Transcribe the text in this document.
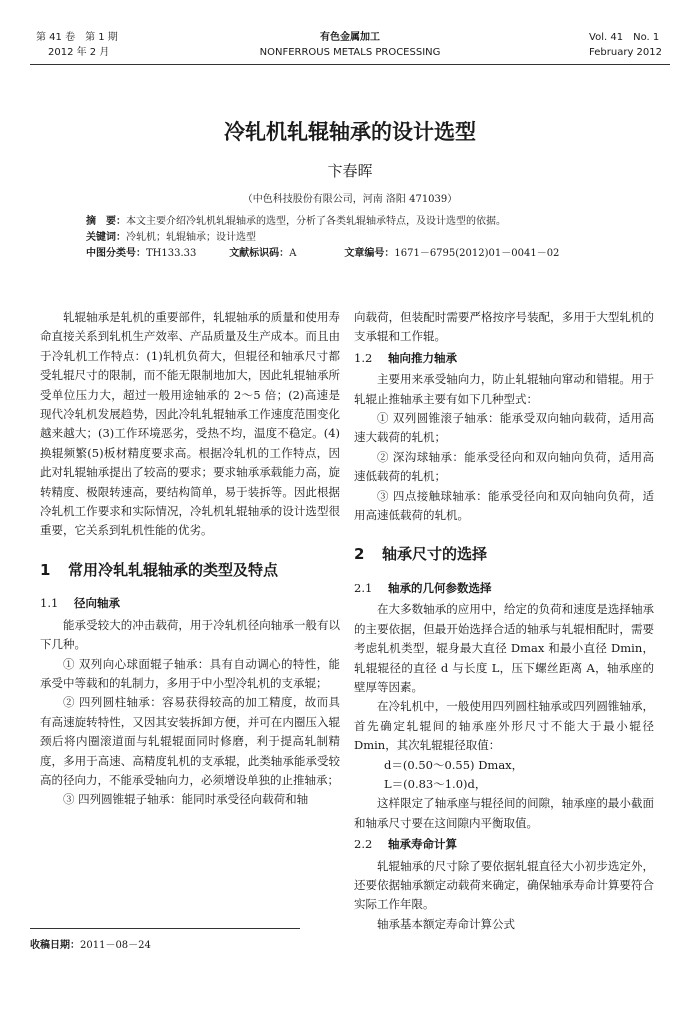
第 41 卷　第 1 期
2012 年 2 月
有色金属加工
NONFERROUS METALS PROCESSING
Vol. 41　No. 1
February 2012
冷轧机轧辊轴承的设计选型
卞春晖
（中色科技股份有限公司，河南 洛阳 471039）
摘　要：本文主要介绍冷轧机轧辊轴承的选型，分析了各类轧辊轴承特点，及设计选型的依据。
关键词：冷轧机；轧辊轴承；设计选型
中图分类号：TH133.33	文献标识码：A	文章编号：1671－6795(2012)01－0041－02

轧辊轴承是轧机的重要部件，轧辊轴承的质量和使用寿命直接关系到轧机生产效率、产品质量及生产成本。而且由于冷轧机工作特点：(1)轧机负荷大，但辊径和轴承尺寸都受轧辊尺寸的限制，而不能无限制地加大，因此轧辊轴承所受单位压力大，超过一般用途轴承的 2～5 倍；(2)高速是现代冷轧机发展趋势，因此冷轧轧辊轴承工作速度范围变化越来越大；(3)工作环境恶劣，受热不均，温度不稳定。(4)换辊频繁(5)板材精度要求高。根据冷轧机的工作特点，因此对轧辊轴承提出了较高的要求；要求轴承承载能力高，旋转精度、极限转速高，要结构简单，易于装拆等。因此根据冷轧机工作要求和实际情况，冷轧机轧辊轴承的设计选型很重要，它关系到轧机性能的优劣。

1 常用冷轧轧辊轴承的类型及特点
1.1 径向轴承

能承受较大的冲击载荷，用于冷轧机径向轴承一般有以下几种。

① 双列向心球面辊子轴承：具有自动调心的特性，能承受中等载和的轧制力，多用于中小型冷轧机的支承辊；

② 四列圆柱轴承：容易获得较高的加工精度，故而具有高速旋转特性，又因其安装拆卸方便，并可在内圈压入辊颈后将内圈滚道面与轧辊辊面同时修磨，利于提高轧制精度，多用于高速、高精度轧机的支承辊，此类轴承能承受较高的径向力，不能承受轴向力，必须增设单独的止推轴承；

③ 四列圆锥辊子轴承：能同时承受径向载荷和轴

向载荷，但装配时需要严格按序号装配，多用于大型轧机的支承辊和工作辊。

1.2 轴向推力轴承

主要用来承受轴向力，防止轧辊轴向窜动和错辊。用于轧辊止推轴承主要有如下几种型式：

① 双列圆锥滚子轴承：能承受双向轴向载荷，适用高速大载荷的轧机；

② 深沟球轴承：能承受径向和双向轴向负荷，适用高速低载荷的轧机；

③ 四点接触球轴承：能承受径向和双向轴向负荷，适用高速低载荷的轧机。

2 轴承尺寸的选择
2.1 轴承的几何参数选择

在大多数轴承的应用中，给定的负荷和速度是选择轴承的主要依据，但最开始选择合适的轴承与轧辊相配时，需要考虑轧机类型，辊身最大直径 Dmax 和最小直径 Dmin，轧辊辊径的直径 d 与长度 L，压下螺丝距离 A，轴承座的壁厚等因素。

在冷轧机中，一般使用四列圆柱轴承或四列圆锥轴承，首先确定轧辊间的轴承座外形尺寸不能大于最小辊径 Dmin，其次轧辊辊径取值：

d＝(0.50～0.55) Dmax，
L＝(0.83～1.0)d，

这样限定了轴承座与辊径间的间隙，轴承座的最小截面和轴承尺寸要在这间隙内平衡取值。

2.2 轴承寿命计算

轧辊轴承的尺寸除了要依据轧辊直径大小初步选定外，还要依据轴承额定动载荷来确定，确保轴承寿命计算要符合实际工作年限。

轴承基本额定寿命计算公式

收稿日期：2011－08－24
